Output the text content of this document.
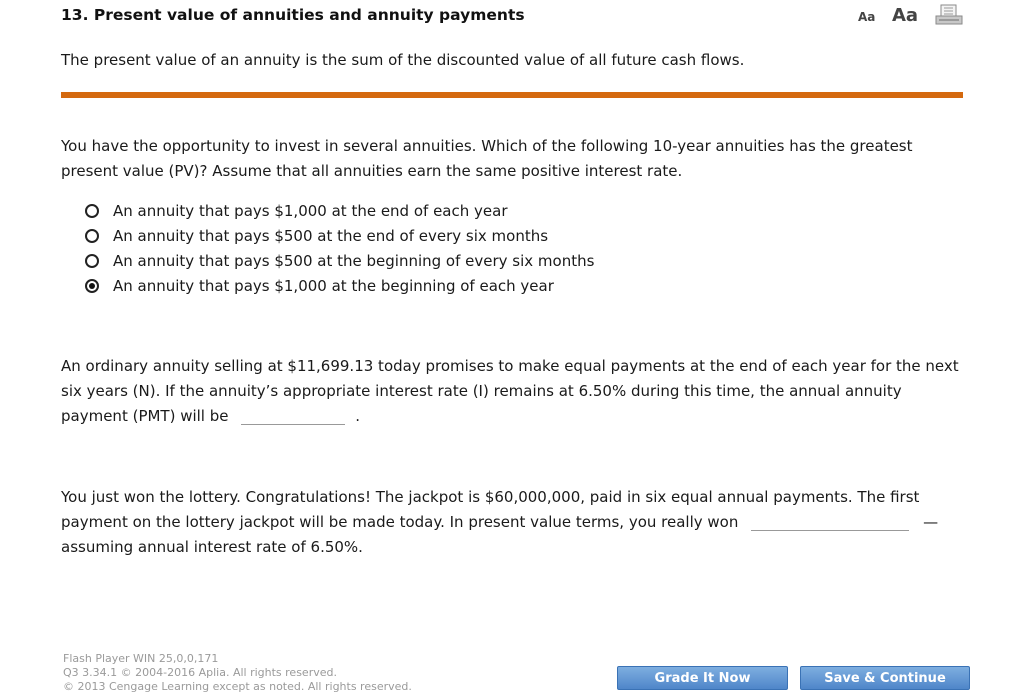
13. Present value of annuities and annuity payments	Aa Aa
The present value of an annuity is the sum of the discounted value of all future cash flows.
You have the opportunity to invest in several annuities. Which of the following 10-year annuities has the greatest present value (PV)? Assume that all annuities earn the same positive interest rate.
An annuity that pays $1,000 at the end of each year
An annuity that pays $500 at the end of every six months
An annuity that pays $500 at the beginning of every six months
An annuity that pays $1,000 at the beginning of each year
An ordinary annuity selling at $11,699.13 today promises to make equal payments at the end of each year for the next six years (N). If the annuity’s appropriate interest rate (I) remains at 6.50% during this time, the annual annuity payment (PMT) will be	.
You just won the lottery. Congratulations! The jackpot is $60,000,000, paid in six equal annual payments. The first payment on the lottery jackpot will be made today. In present value terms, you really won	— assuming annual interest rate of 6.50%.
Flash Player WIN 25,0,0,171
Q3 3.34.1 © 2004-2016 Aplia. All rights reserved.
© 2013 Cengage Learning except as noted. All rights reserved.
Grade It Now	Save & Continue
